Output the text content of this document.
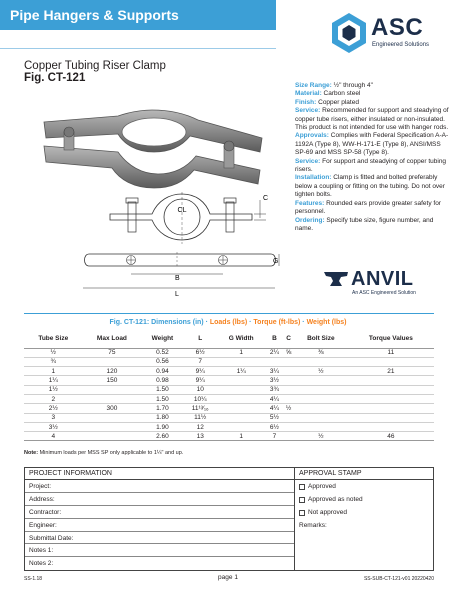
Pipe Hangers & Supports	ASC
Engineered Solutions
Copper Tubing Riser Clamp
Fig. CT-121
CL
C
B
L
G
Size Range: ½" through 4"
Material: Carbon steel
Finish: Copper plated
Service: Recommended for support and steadying of copper tube risers, either insulated or non-insulated. This product is not intended for use with hanger rods.
Approvals: Complies with Federal Specification A-A-1192A (Type 8), WW-H-171-E (Type 8), ANSI/MSS SP-69 and MSS SP-58 (Type 8).
Service: For support and steadying of copper tubing risers.
Installation: Clamp is fitted and bolted preferably below a coupling or fitting on the tubing. Do not over tighten bolts.
Features: Rounded ears provide greater safety for personnel.
Ordering: Specify tube size, figure number, and name.
ANVIL
An ASC Engineered Solution
Fig. CT-121: Dimensions (in) · Loads (lbs) · Torque (ft-lbs) · Weight (lbs)
Tube Size	Max Load	Weight	L	G Width	B	C	Bolt Size	Torque Values
½	75	0.52	6½	1	2¼	⅝	⅜	11
¾		0.56	7					
1	120	0.94	9¼	1¼	3¼		½	21
1¼	150	0.98	9¼		3½			
1½		1.50	10		3¾			
2		1.50	10¼		4¼			
2½	300	1.70	11¹³⁄₁₆		4¼	½		
3		1.80	11½		5½			
3½		1.90	12		6½			
4		2.60	13	1	7		½	46
Note: Minimum loads per MSS SP only applicable to 1¼" and up.
PROJECT INFORMATION
Project:
Address:
Contractor:
Engineer:
Submittal Date:
Notes 1:
Notes 2:
APPROVAL STAMP
Approved
Approved as noted
Not approved
Remarks:
SS-1.18	page 1	SS-SUB-CT-121-v01 20220420
